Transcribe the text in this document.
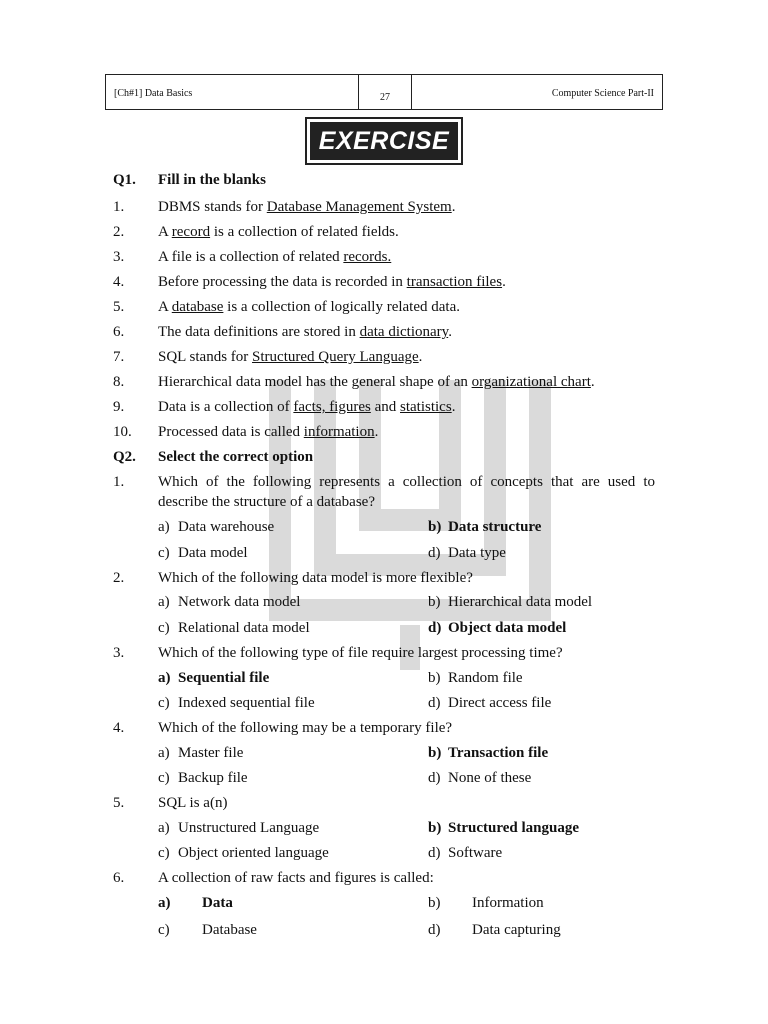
[Ch#1] Data Basics	27	Computer Science Part-II
EXERCISE
Q1. Fill in the blanks
1. DBMS stands for Database Management System.
2. A record is a collection of related fields.
3. A file is a collection of related records.
4. Before processing the data is recorded in transaction files.
5. A database is a collection of logically related data.
6. The data definitions are stored in data dictionary.
7. SQL stands for Structured Query Language.
8. Hierarchical data model has the general shape of an organizational chart.
9. Data is a collection of facts, figures and statistics.
10. Processed data is called information.
Q2. Select the correct option
1. Which of the following represents a collection of concepts that are used to
describe the structure of a database?
a) Data warehouse	b) Data structure
c) Data model	d) Data type
2. Which of the following data model is more flexible?
a) Network data model	b) Hierarchical data model
c) Relational data model	d) Object data model
3. Which of the following type of file require largest processing time?
a) Sequential file	b) Random file
c) Indexed sequential file	d) Direct access file
4. Which of the following may be a temporary file?
a) Master file	b) Transaction file
c) Backup file	d) None of these
5. SQL is a(n)
a) Unstructured Language	b) Structured language
c) Object oriented language	d) Software
6. A collection of raw facts and figures is called:
a) Data	b) Information
c) Database	d) Data capturing
